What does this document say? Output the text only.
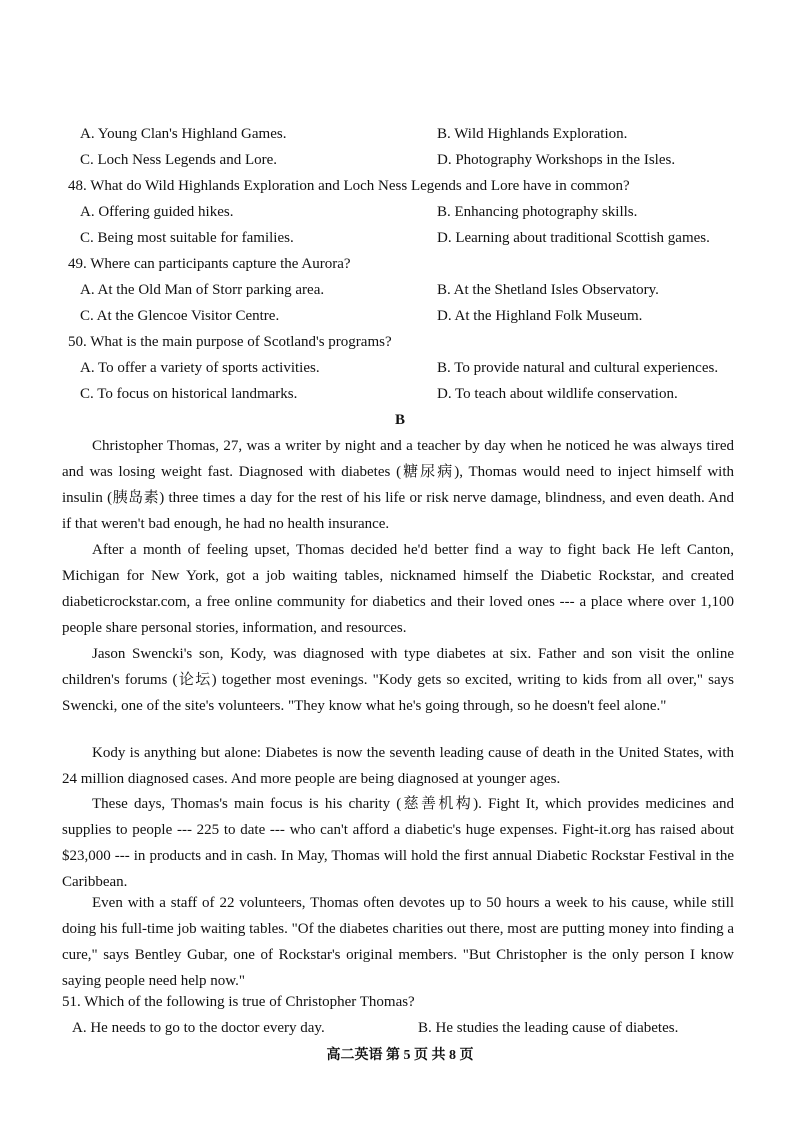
A. Young Clan's Highland Games.	B. Wild Highlands Exploration.
C. Loch Ness Legends and Lore.	D. Photography Workshops in the Isles.
48. What do Wild Highlands Exploration and Loch Ness Legends and Lore have in common?
A. Offering guided hikes.	B. Enhancing photography skills.
C. Being most suitable for families.	D. Learning about traditional Scottish games.
49. Where can participants capture the Aurora?
A. At the Old Man of Storr parking area.	B. At the Shetland Isles Observatory.
C. At the Glencoe Visitor Centre.	D. At the Highland Folk Museum.
50. What is the main purpose of Scotland's programs?
A. To offer a variety of sports activities.	B. To provide natural and cultural experiences.
C. To focus on historical landmarks.	D. To teach about wildlife conservation.
B
Christopher Thomas, 27, was a writer by night and a teacher by day when he noticed he was always tired and was losing weight fast. Diagnosed with diabetes (糖尿病), Thomas would need to inject himself with insulin (胰岛素) three times a day for the rest of his life or risk nerve damage, blindness, and even death. And if that weren't bad enough, he had no health insurance.
After a month of feeling upset, Thomas decided he'd better find a way to fight back He left Canton, Michigan for New York, got a job waiting tables, nicknamed himself the Diabetic Rockstar, and created diabeticrockstar.com, a free online community for diabetics and their loved ones --- a place where over 1,100 people share personal stories, information, and resources.
Jason Swencki's son, Kody, was diagnosed with type diabetes at six. Father and son visit the online children's forums (论坛) together most evenings. "Kody gets so excited, writing to kids from all over," says Swencki, one of the site's volunteers. "They know what he's going through, so he doesn't feel alone."
Kody is anything but alone: Diabetes is now the seventh leading cause of death in the United States, with 24 million diagnosed cases. And more people are being diagnosed at younger ages.
These days, Thomas's main focus is his charity (慈善机构). Fight It, which provides medicines and supplies to people --- 225 to date --- who can't afford a diabetic's huge expenses. Fight-it.org has raised about $23,000 --- in products and in cash. In May, Thomas will hold the first annual Diabetic Rockstar Festival in the Caribbean.
Even with a staff of 22 volunteers, Thomas often devotes up to 50 hours a week to his cause, while still doing his full-time job waiting tables. "Of the diabetes charities out there, most are putting money into finding a cure," says Bentley Gubar, one of Rockstar's original members. "But Christopher is the only person I know saying people need help now."
51. Which of the following is true of Christopher Thomas?
A. He needs to go to the doctor every day.	B. He studies the leading cause of diabetes.
高二英语 第 5 页 共 8 页
